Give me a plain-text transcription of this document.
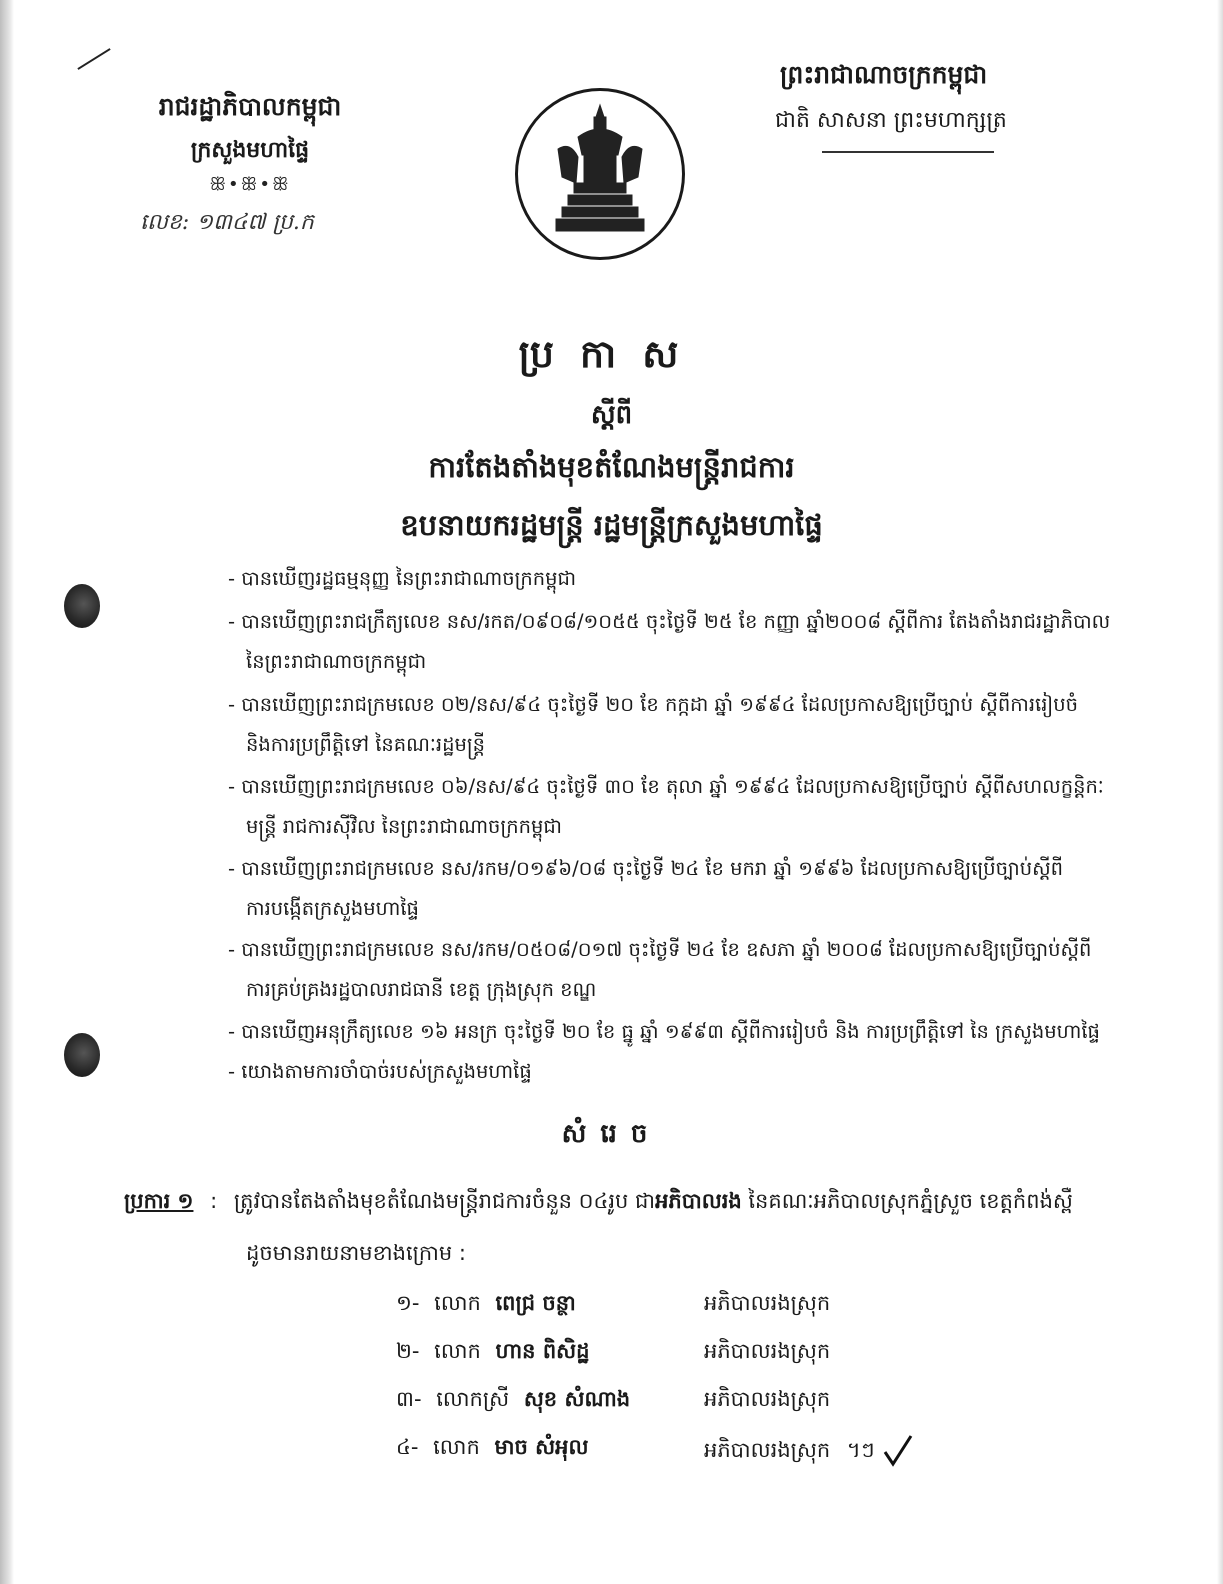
រាជរដ្ឋាភិបាលកម្ពុជា
ក្រសួងមហាផ្ទៃ
ꕥ•ꕥ•ꕥ
លេខ: ១៣៤៧ ប្រ.ក
ព្រះរាជាណាចក្រកម្ពុជា
ជាតិ សាសនា ព្រះមហាក្សត្រ
ប្រកាស
ស្តីពី
ការតែងតាំងមុខតំណែងមន្ត្រីរាជការ
ឧបនាយករដ្ឋមន្ត្រី រដ្ឋមន្ត្រីក្រសួងមហាផ្ទៃ
- បានឃើញរដ្ឋធម្មនុញ្ញ នៃព្រះរាជាណាចក្រកម្ពុជា
- បានឃើញព្រះរាជក្រឹត្យលេខ នស/រកត/០៩០៨/១០៥៥ ចុះថ្ងៃទី ២៥ ខែ កញ្ញា ឆ្នាំ២០០៨ ស្តីពីការ តែងតាំងរាជរដ្ឋាភិបាល
នៃព្រះរាជាណាចក្រកម្ពុជា
- បានឃើញព្រះរាជក្រមលេខ ០២/នស/៩៤ ចុះថ្ងៃទី ២០ ខែ កក្កដា ឆ្នាំ ១៩៩៤ ដែលប្រកាសឱ្យប្រើច្បាប់ ស្តីពីការរៀបចំ
និងការប្រព្រឹត្តិទៅ នៃគណៈរដ្ឋមន្ត្រី
- បានឃើញព្រះរាជក្រមលេខ ០៦/នស/៩៤ ចុះថ្ងៃទី ៣០ ខែ តុលា ឆ្នាំ ១៩៩៤ ដែលប្រកាសឱ្យប្រើច្បាប់ ស្តីពីសហលក្ខន្តិកៈ
មន្ត្រី រាជការស៊ីវិល នៃព្រះរាជាណាចក្រកម្ពុជា
- បានឃើញព្រះរាជក្រមលេខ នស/រកម/០១៩៦/០៨ ចុះថ្ងៃទី ២៤ ខែ មករា ឆ្នាំ ១៩៩៦ ដែលប្រកាសឱ្យប្រើច្បាប់ស្តីពី
ការបង្កើតក្រសួងមហាផ្ទៃ
- បានឃើញព្រះរាជក្រមលេខ នស/រកម/០៥០៨/០១៧ ចុះថ្ងៃទី ២៤ ខែ ឧសភា ឆ្នាំ ២០០៨ ដែលប្រកាសឱ្យប្រើច្បាប់ស្តីពី
ការគ្រប់គ្រងរដ្ឋបាលរាជធានី ខេត្ត ក្រុងស្រុក ខណ្ឌ
- បានឃើញអនុក្រឹត្យលេខ ១៦ អនក្រ ចុះថ្ងៃទី ២០ ខែ ធ្នូ ឆ្នាំ ១៩៩៣ ស្តីពីការរៀបចំ និង ការប្រព្រឹត្តិទៅ នៃ ក្រសួងមហាផ្ទៃ
- យោងតាមការចាំបាច់របស់ក្រសួងមហាផ្ទៃ
សំរេច
ប្រការ ១ : ត្រូវបានតែងតាំងមុខតំណែងមន្ត្រីរាជការចំនួន ០៤រូប ជាអភិបាលរង នៃគណៈអភិបាលស្រុកភ្នំស្រួច ខេត្តកំពង់ស្ពឺ
ដូចមានរាយនាមខាងក្រោម :
១- លោក ពេជ្រ ចន្ថា	អភិបាលរងស្រុក
២- លោក ហាន ពិសិដ្ឋ	អភិបាលរងស្រុក
៣- លោកស្រី សុខ សំណាង	អភិបាលរងស្រុក
៤- លោក មាច សំអុល	អភិបាលរងស្រុក ។ៗ
